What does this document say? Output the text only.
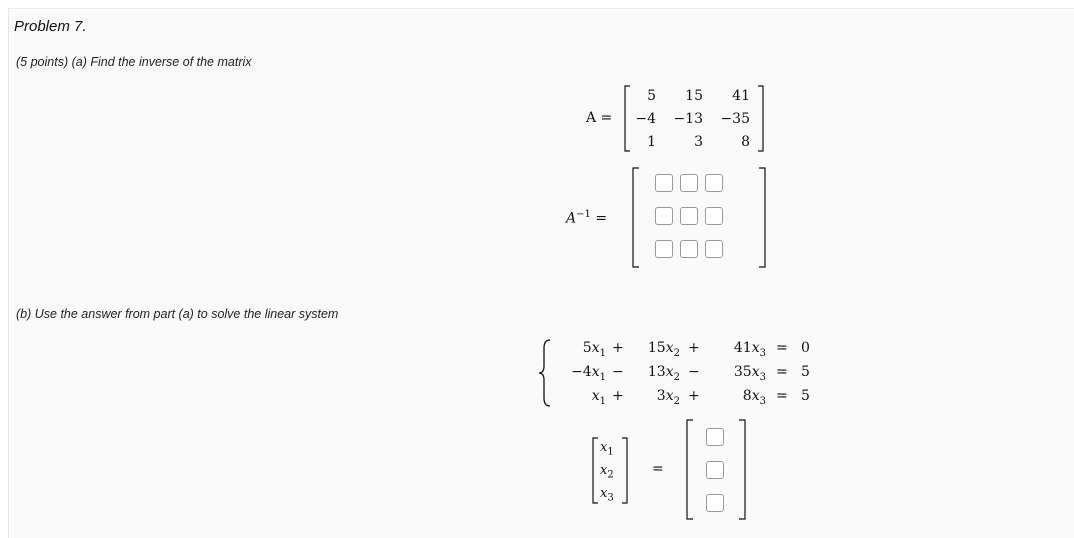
Problem 7.
(5 points) (a) Find the inverse of the matrix
A =
5	15	41
−4	−13	−35
1	3	8
$A^{-1}$ =
(b) Use the answer from part (a) to solve the linear system
$5x_1$ +	$15x_2$ +	$41x_3 = 0$
$-4x_1$ −	$13x_2$ −	$35x_3 = 5$
$x_1$ +	$3x_2$ +	$8x_3 = 5$
$x_1$
$x_2$
$x_3$
=
